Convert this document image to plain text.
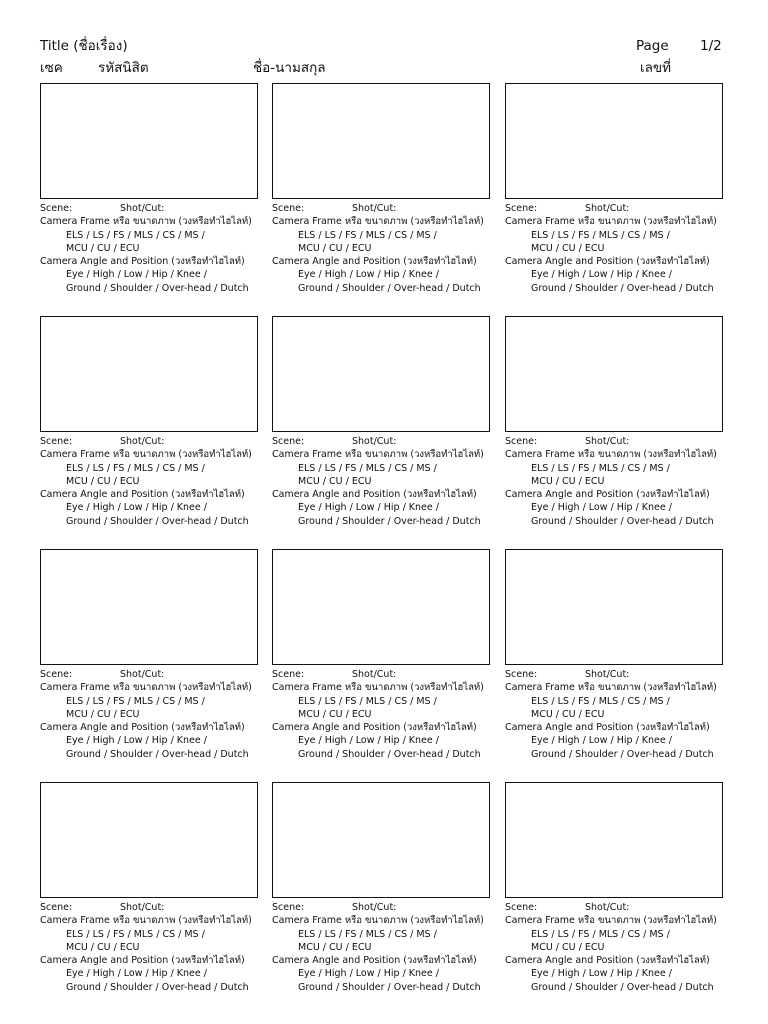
Title (ชื่อเรื่อง)	Page 1/2
เซค	รหัสนิสิต	ชื่อ-นามสกุล	เลขที่
Scene:	Shot/Cut:
Camera Frame หรือ ขนาดภาพ (วงหรือทำไฮไลท์)
ELS / LS / FS / MLS / CS / MS /
MCU / CU / ECU
Camera Angle and Position (วงหรือทำไฮไลท์)
Eye / High / Low / Hip / Knee /
Ground / Shoulder / Over-head / Dutch
Scene:	Shot/Cut:
Camera Frame หรือ ขนาดภาพ (วงหรือทำไฮไลท์)
ELS / LS / FS / MLS / CS / MS /
MCU / CU / ECU
Camera Angle and Position (วงหรือทำไฮไลท์)
Eye / High / Low / Hip / Knee /
Ground / Shoulder / Over-head / Dutch
Scene:	Shot/Cut:
Camera Frame หรือ ขนาดภาพ (วงหรือทำไฮไลท์)
ELS / LS / FS / MLS / CS / MS /
MCU / CU / ECU
Camera Angle and Position (วงหรือทำไฮไลท์)
Eye / High / Low / Hip / Knee /
Ground / Shoulder / Over-head / Dutch
Scene:	Shot/Cut:
Camera Frame หรือ ขนาดภาพ (วงหรือทำไฮไลท์)
ELS / LS / FS / MLS / CS / MS /
MCU / CU / ECU
Camera Angle and Position (วงหรือทำไฮไลท์)
Eye / High / Low / Hip / Knee /
Ground / Shoulder / Over-head / Dutch
Scene:	Shot/Cut:
Camera Frame หรือ ขนาดภาพ (วงหรือทำไฮไลท์)
ELS / LS / FS / MLS / CS / MS /
MCU / CU / ECU
Camera Angle and Position (วงหรือทำไฮไลท์)
Eye / High / Low / Hip / Knee /
Ground / Shoulder / Over-head / Dutch
Scene:	Shot/Cut:
Camera Frame หรือ ขนาดภาพ (วงหรือทำไฮไลท์)
ELS / LS / FS / MLS / CS / MS /
MCU / CU / ECU
Camera Angle and Position (วงหรือทำไฮไลท์)
Eye / High / Low / Hip / Knee /
Ground / Shoulder / Over-head / Dutch
Scene:	Shot/Cut:
Camera Frame หรือ ขนาดภาพ (วงหรือทำไฮไลท์)
ELS / LS / FS / MLS / CS / MS /
MCU / CU / ECU
Camera Angle and Position (วงหรือทำไฮไลท์)
Eye / High / Low / Hip / Knee /
Ground / Shoulder / Over-head / Dutch
Scene:	Shot/Cut:
Camera Frame หรือ ขนาดภาพ (วงหรือทำไฮไลท์)
ELS / LS / FS / MLS / CS / MS /
MCU / CU / ECU
Camera Angle and Position (วงหรือทำไฮไลท์)
Eye / High / Low / Hip / Knee /
Ground / Shoulder / Over-head / Dutch
Scene:	Shot/Cut:
Camera Frame หรือ ขนาดภาพ (วงหรือทำไฮไลท์)
ELS / LS / FS / MLS / CS / MS /
MCU / CU / ECU
Camera Angle and Position (วงหรือทำไฮไลท์)
Eye / High / Low / Hip / Knee /
Ground / Shoulder / Over-head / Dutch
Scene:	Shot/Cut:
Camera Frame หรือ ขนาดภาพ (วงหรือทำไฮไลท์)
ELS / LS / FS / MLS / CS / MS /
MCU / CU / ECU
Camera Angle and Position (วงหรือทำไฮไลท์)
Eye / High / Low / Hip / Knee /
Ground / Shoulder / Over-head / Dutch
Scene:	Shot/Cut:
Camera Frame หรือ ขนาดภาพ (วงหรือทำไฮไลท์)
ELS / LS / FS / MLS / CS / MS /
MCU / CU / ECU
Camera Angle and Position (วงหรือทำไฮไลท์)
Eye / High / Low / Hip / Knee /
Ground / Shoulder / Over-head / Dutch
Scene:	Shot/Cut:
Camera Frame หรือ ขนาดภาพ (วงหรือทำไฮไลท์)
ELS / LS / FS / MLS / CS / MS /
MCU / CU / ECU
Camera Angle and Position (วงหรือทำไฮไลท์)
Eye / High / Low / Hip / Knee /
Ground / Shoulder / Over-head / Dutch
